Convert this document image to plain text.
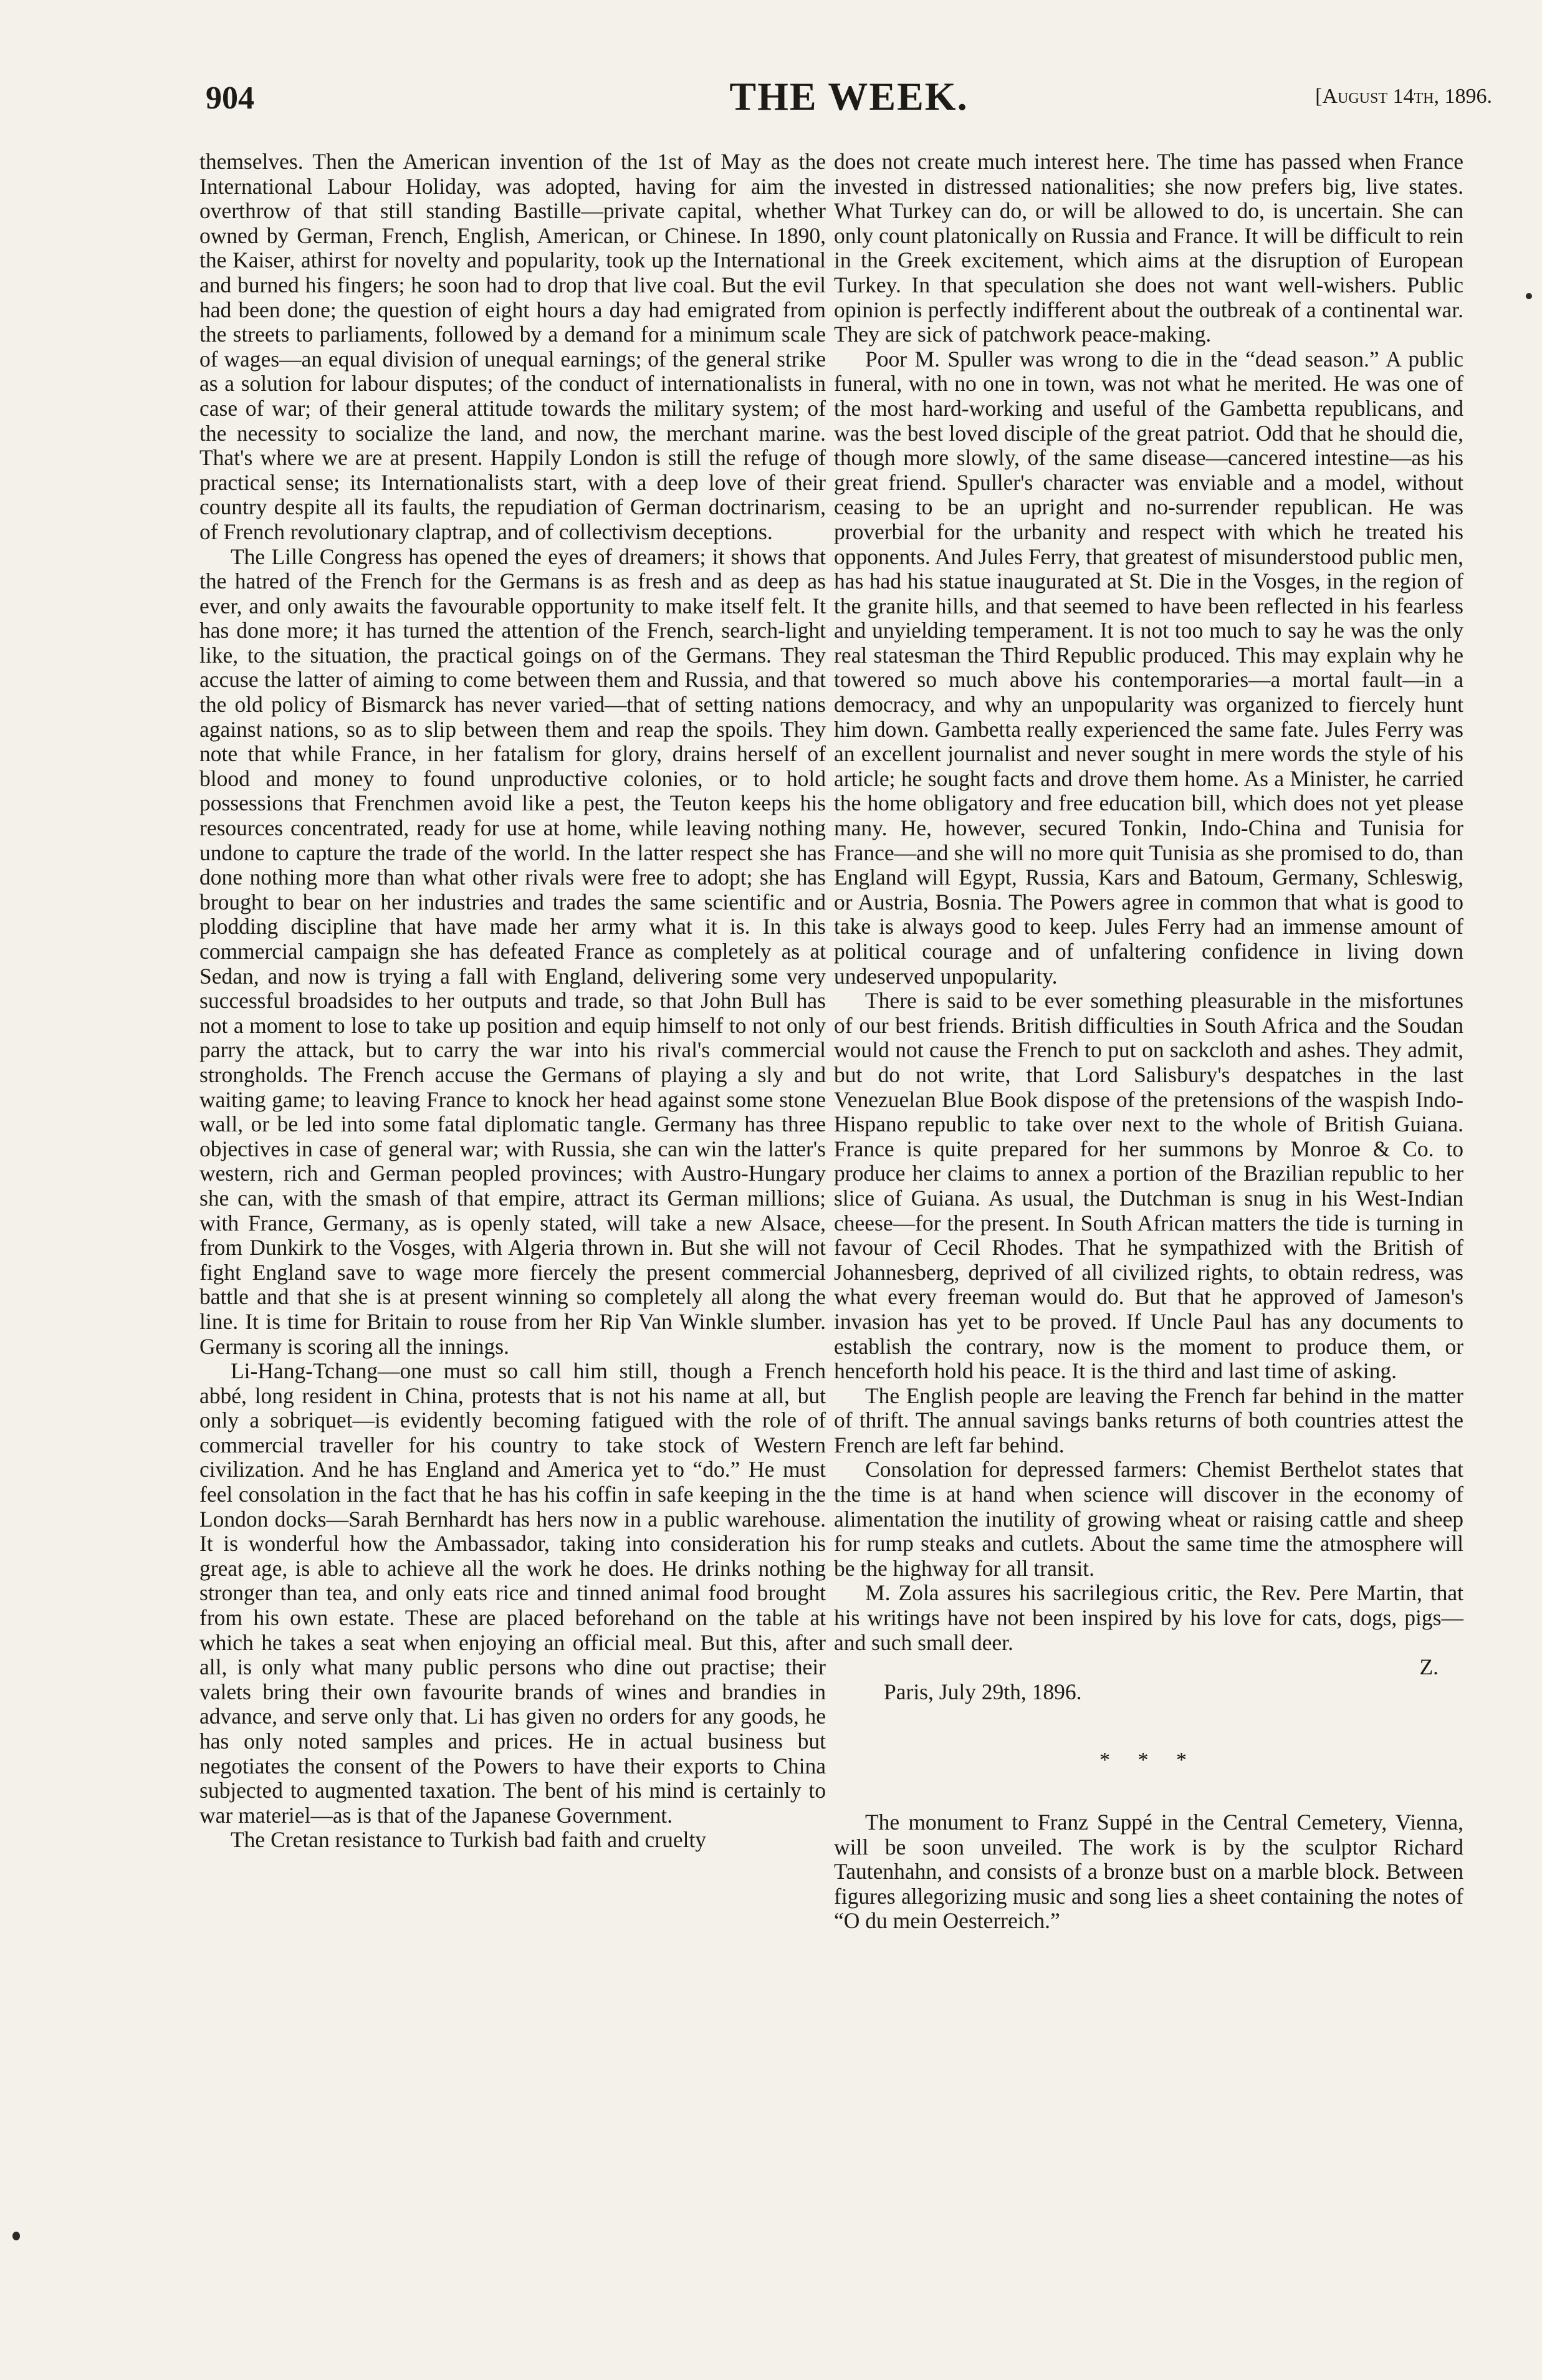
904	THE WEEK.	[August 14th, 1896.

themselves. Then the American invention of the 1st of May as the International Labour Holiday, was adopted, having for aim the overthrow of that still standing Bastille—private capital, whether owned by German, French, English, American, or Chinese. In 1890, the Kaiser, athirst for novelty and popularity, took up the International and burned his fingers; he soon had to drop that live coal. But the evil had been done; the question of eight hours a day had emigrated from the streets to parliaments, followed by a demand for a minimum scale of wages—an equal division of unequal earnings; of the general strike as a solution for labour disputes; of the conduct of internationalists in case of war; of their general attitude towards the military system; of the necessity to socialize the land, and now, the merchant marine. That's where we are at present. Happily London is still the refuge of practical sense; its Internationalists start, with a deep love of their country despite all its faults, the repudiation of German doctrinarism, of French revolutionary claptrap, and of collectivism deceptions.

The Lille Congress has opened the eyes of dreamers; it shows that the hatred of the French for the Germans is as fresh and as deep as ever, and only awaits the favourable opportunity to make itself felt. It has done more; it has turned the attention of the French, search-light like, to the situation, the practical goings on of the Germans. They accuse the latter of aiming to come between them and Russia, and that the old policy of Bismarck has never varied—that of setting nations against nations, so as to slip between them and reap the spoils. They note that while France, in her fatalism for glory, drains herself of blood and money to found unproductive colonies, or to hold possessions that Frenchmen avoid like a pest, the Teuton keeps his resources concentrated, ready for use at home, while leaving nothing undone to capture the trade of the world. In the latter respect she has done nothing more than what other rivals were free to adopt; she has brought to bear on her industries and trades the same scientific and plodding discipline that have made her army what it is. In this commercial campaign she has defeated France as completely as at Sedan, and now is trying a fall with England, delivering some very successful broadsides to her outputs and trade, so that John Bull has not a moment to lose to take up position and equip himself to not only parry the attack, but to carry the war into his rival's commercial strongholds. The French accuse the Germans of playing a sly and waiting game; to leaving France to knock her head against some stone wall, or be led into some fatal diplomatic tangle. Germany has three objectives in case of general war; with Russia, she can win the latter's western, rich and German peopled provinces; with Austro-Hungary she can, with the smash of that empire, attract its German millions; with France, Germany, as is openly stated, will take a new Alsace, from Dunkirk to the Vosges, with Algeria thrown in. But she will not fight England save to wage more fiercely the present commercial battle and that she is at present winning so completely all along the line. It is time for Britain to rouse from her Rip Van Winkle slumber. Germany is scoring all the innings.

Li-Hang-Tchang—one must so call him still, though a French abbé, long resident in China, protests that is not his name at all, but only a sobriquet—is evidently becoming fatigued with the role of commercial traveller for his country to take stock of Western civilization. And he has England and America yet to “do.” He must feel consolation in the fact that he has his coffin in safe keeping in the London docks—Sarah Bernhardt has hers now in a public warehouse. It is wonderful how the Ambassador, taking into consideration his great age, is able to achieve all the work he does. He drinks nothing stronger than tea, and only eats rice and tinned animal food brought from his own estate. These are placed beforehand on the table at which he takes a seat when enjoying an official meal. But this, after all, is only what many public persons who dine out practise; their valets bring their own favourite brands of wines and brandies in advance, and serve only that. Li has given no orders for any goods, he has only noted samples and prices. He in actual business but negotiates the consent of the Powers to have their exports to China subjected to augmented taxation. The bent of his mind is certainly to war materiel—as is that of the Japanese Government.

The Cretan resistance to Turkish bad faith and cruelty

does not create much interest here. The time has passed when France invested in distressed nationalities; she now prefers big, live states. What Turkey can do, or will be allowed to do, is uncertain. She can only count platonically on Russia and France. It will be difficult to rein in the Greek excitement, which aims at the disruption of European Turkey. In that speculation she does not want well-wishers. Public opinion is perfectly indifferent about the outbreak of a continental war. They are sick of patchwork peace-making.

Poor M. Spuller was wrong to die in the “dead season.” A public funeral, with no one in town, was not what he merited. He was one of the most hard-working and useful of the Gambetta republicans, and was the best loved disciple of the great patriot. Odd that he should die, though more slowly, of the same disease—cancered intestine—as his great friend. Spuller's character was enviable and a model, without ceasing to be an upright and no-surrender republican. He was proverbial for the urbanity and respect with which he treated his opponents. And Jules Ferry, that greatest of misunderstood public men, has had his statue inaugurated at St. Die in the Vosges, in the region of the granite hills, and that seemed to have been reflected in his fearless and unyielding temperament. It is not too much to say he was the only real statesman the Third Republic produced. This may explain why he towered so much above his contemporaries—a mortal fault—in a democracy, and why an unpopularity was organized to fiercely hunt him down. Gambetta really experienced the same fate. Jules Ferry was an excellent journalist and never sought in mere words the style of his article; he sought facts and drove them home. As a Minister, he carried the home obligatory and free education bill, which does not yet please many. He, however, secured Tonkin, Indo-China and Tunisia for France—and she will no more quit Tunisia as she promised to do, than England will Egypt, Russia, Kars and Batoum, Germany, Schleswig, or Austria, Bosnia. The Powers agree in common that what is good to take is always good to keep. Jules Ferry had an immense amount of political courage and of unfaltering confidence in living down undeserved unpopularity.

There is said to be ever something pleasurable in the misfortunes of our best friends. British difficulties in South Africa and the Soudan would not cause the French to put on sackcloth and ashes. They admit, but do not write, that Lord Salisbury's despatches in the last Venezuelan Blue Book dispose of the pretensions of the waspish Indo-Hispano republic to take over next to the whole of British Guiana. France is quite prepared for her summons by Monroe & Co. to produce her claims to annex a portion of the Brazilian republic to her slice of Guiana. As usual, the Dutchman is snug in his West-Indian cheese—for the present. In South African matters the tide is turning in favour of Cecil Rhodes. That he sympathized with the British of Johannesberg, deprived of all civilized rights, to obtain redress, was what every freeman would do. But that he approved of Jameson's invasion has yet to be proved. If Uncle Paul has any documents to establish the contrary, now is the moment to produce them, or henceforth hold his peace. It is the third and last time of asking.

The English people are leaving the French far behind in the matter of thrift. The annual savings banks returns of both countries attest the French are left far behind.

Consolation for depressed farmers: Chemist Berthelot states that the time is at hand when science will discover in the economy of alimentation the inutility of growing wheat or raising cattle and sheep for rump steaks and cutlets. About the same time the atmosphere will be the highway for all transit.

M. Zola assures his sacrilegious critic, the Rev. Pere Martin, that his writings have not been inspired by his love for cats, dogs, pigs—and such small deer.

Z.

Paris, July 29th, 1896.

* * *

The monument to Franz Suppé in the Central Cemetery, Vienna, will be soon unveiled. The work is by the sculptor Richard Tautenhahn, and consists of a bronze bust on a marble block. Between figures allegorizing music and song lies a sheet containing the notes of “O du mein Oesterreich.”
